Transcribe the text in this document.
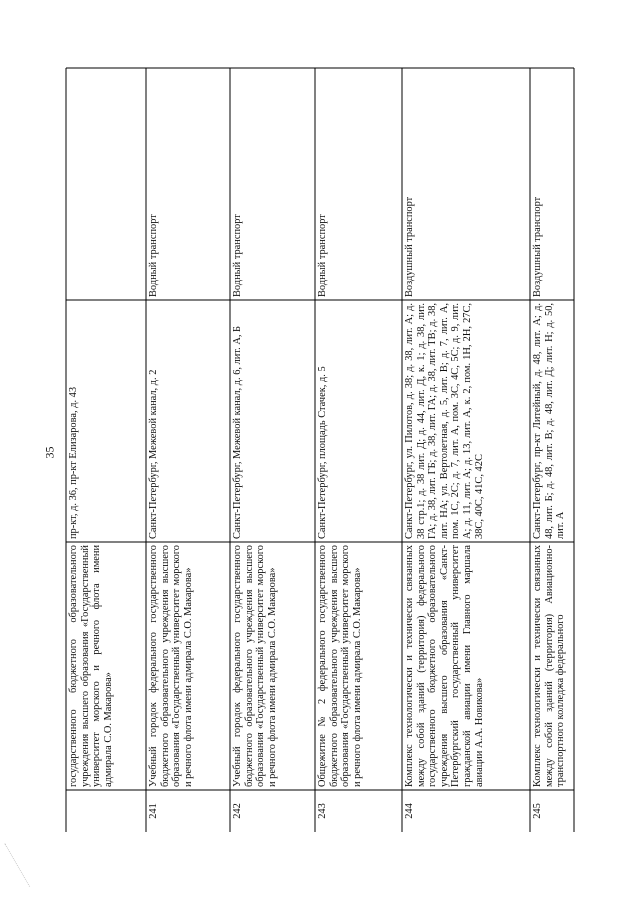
35
государственного бюджетного образовательного учреждения высшего образования «Государственный университет морского и речного флота имени адмирала С.О. Макарова»
пр-кт, д. 36, пр-кт Елизарова, д. 43
241
Учебный городок федерального государственного бюджетного образовательного учреждения высшего образования «Государственный университет морского и речного флота имени адмирала С.О. Макарова»
Санкт-Петербург, Межевой канал, д. 2
Водный транспорт
242
Учебный городок федерального государственного бюджетного образовательного учреждения высшего образования «Государственный университет морского и речного флота имени адмирала С.О. Макарова»
Санкт-Петербург, Межевой канал, д. 6, лит. А, Б
Водный транспорт
243
Общежитие № 2 федерального государственного бюджетного образовательного учреждения высшего образования «Государственный университет морского и речного флота имени адмирала С.О. Макарова»
Санкт-Петербург, площадь Стачек, д. 5
Водный транспорт
244
Комплекс технологически и технически связанных между собой зданий (территория) федерального государственного бюджетного образовательного учреждения высшего образования «Санкт-Петербургский государственный университет гражданской авиации имени Главного маршала авиации А.А. Новикова»
Санкт-Петербург, ул. Пилотов, д. 38; д. 38, лит. А; д. 38 стр.1; д. 38 лит. Д; д. 44, лит. Д, к. 1; д. 38, лит. ГА; д. 38, лит. ГБ; д. 38, лит. ГА; д. 38, лит. ТВ; д. 38, лит. НА; ул. Вертолетная, д. 5, лит. В; д. 7, лит. А, пом. 1С, 2С; д. 7, лит. А, пом. 3С, 4С, 5С; д. 9, лит. А; д. 11, лит. А; д. 13, лит. А, к. 2, пом. 1Н, 2Н, 27С, 38С, 40С, 41С, 42С
Воздушный транспорт
245
Комплекс технологически и технически связанных между собой зданий (территория) Авиационно-транспортного колледжа федерального
Санкт-Петербург, пр-кт Литейный, д. 48, лит. А; д. 48, лит. Б; д. 48, лит. В; д. 48, лит. Д; лит. Н; д. 50, лит. А
Воздушный транспорт
